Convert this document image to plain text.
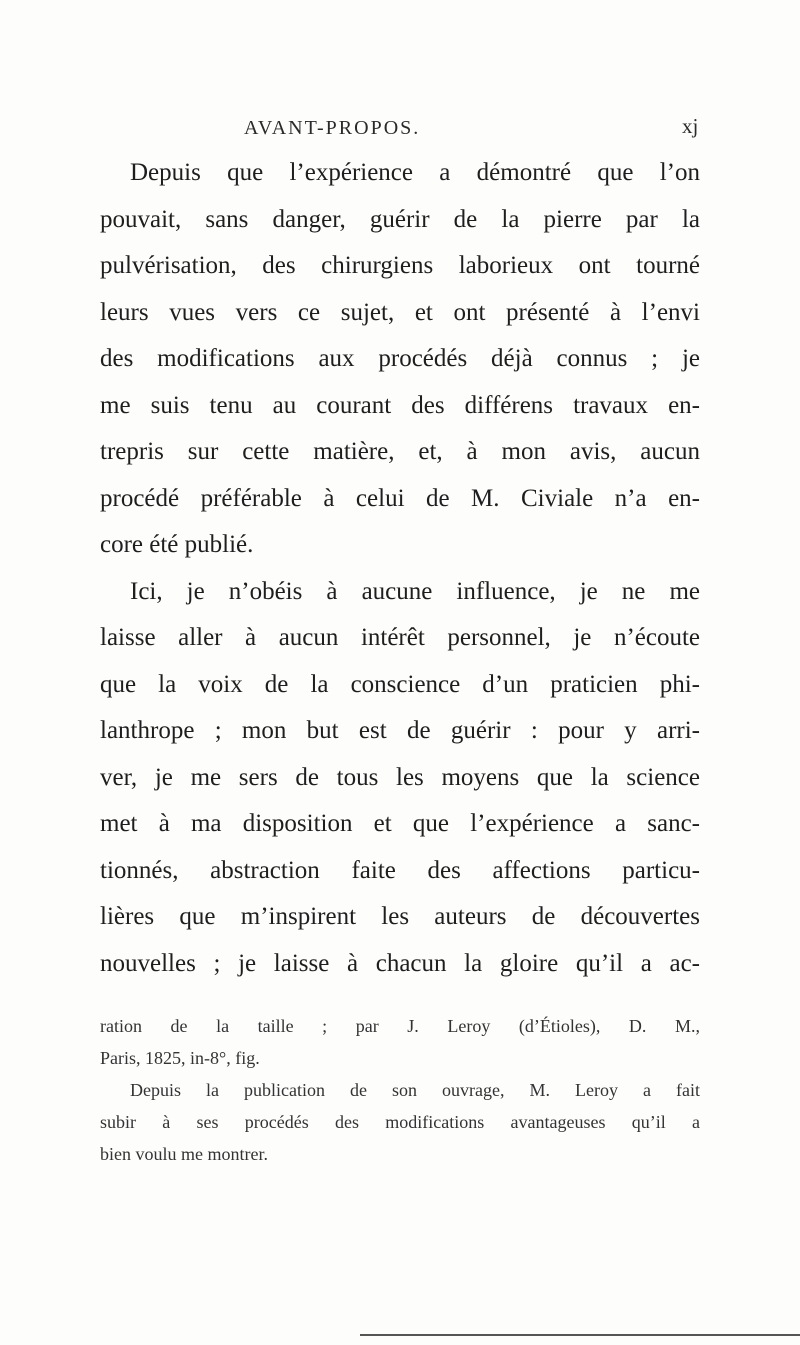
AVANT-PROPOS.	xj
Depuis que l’expérience a démontré que l’on
pouvait, sans danger, guérir de la pierre par la
pulvérisation, des chirurgiens laborieux ont tourné
leurs vues vers ce sujet, et ont présenté à l’envi
des modifications aux procédés déjà connus ; je
me suis tenu au courant des différens travaux en-
trepris sur cette matière, et, à mon avis, aucun
procédé préférable à celui de M. Civiale n’a en-
core été publié.
Ici, je n’obéis à aucune influence, je ne me
laisse aller à aucun intérêt personnel, je n’écoute
que la voix de la conscience d’un praticien phi-
lanthrope ; mon but est de guérir : pour y arri-
ver, je me sers de tous les moyens que la science
met à ma disposition et que l’expérience a sanc-
tionnés, abstraction faite des affections particu-
lières que m’inspirent les auteurs de découvertes
nouvelles ; je laisse à chacun la gloire qu’il a ac-
ration de la taille ; par J. Leroy (d’Étioles), D. M.,
Paris, 1825, in-8°, fig.
Depuis la publication de son ouvrage, M. Leroy a fait
subir à ses procédés des modifications avantageuses qu’il a
bien voulu me montrer.
